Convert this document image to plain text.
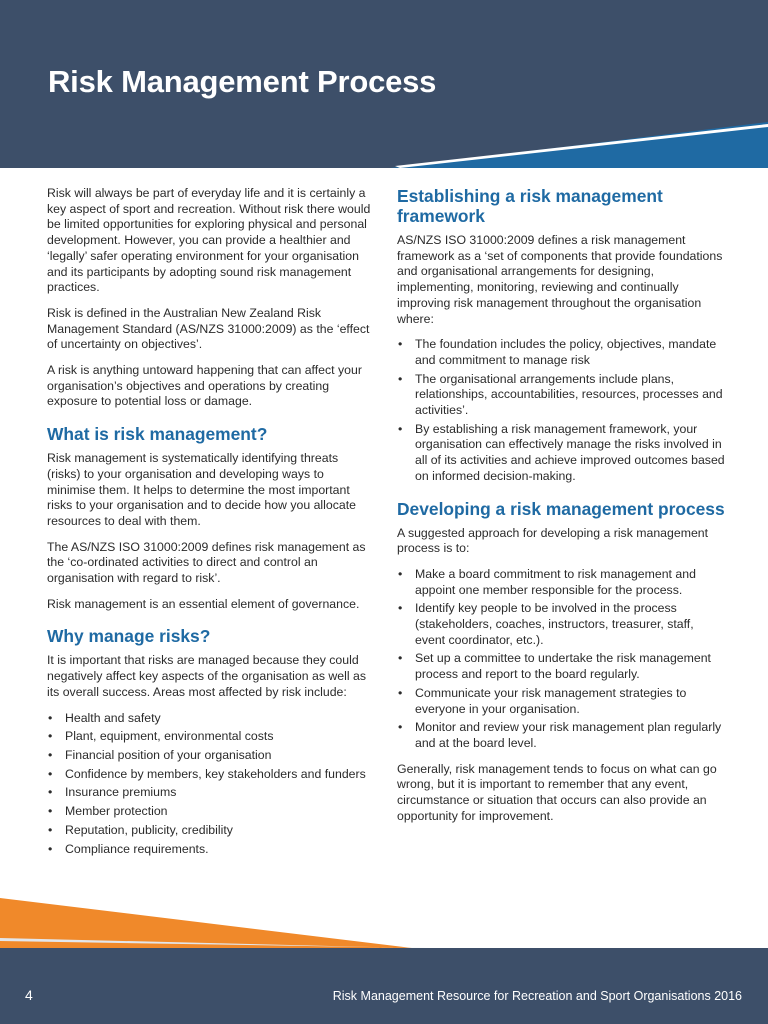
Risk Management Process

Risk will always be part of everyday life and it is certainly a key aspect of sport and recreation. Without risk there would be limited opportunities for exploring physical and personal development. However, you can provide a healthier and ‘legally’ safer operating environment for your organisation and its participants by adopting sound risk management practices.

Risk is defined in the Australian New Zealand Risk Management Standard (AS/NZS 31000:2009) as the ‘effect of uncertainty on objectives’.

A risk is anything untoward happening that can affect your organisation’s objectives and operations by creating exposure to potential loss or damage.

What is risk management?

Risk management is systematically identifying threats (risks) to your organisation and developing ways to minimise them. It helps to determine the most important risks to your organisation and to decide how you allocate resources to deal with them.

The AS/NZS ISO 31000:2009 defines risk management as the ‘co-ordinated activities to direct and control an organisation with regard to risk’.

Risk management is an essential element of governance.

Why manage risks?

It is important that risks are managed because they could negatively affect key aspects of the organisation as well as its overall success. Areas most affected by risk include:

• Health and safety
• Plant, equipment, environmental costs
• Financial position of your organisation
• Confidence by members, key stakeholders and funders
• Insurance premiums
• Member protection
• Reputation, publicity, credibility
• Compliance requirements.
Establishing a risk management framework

AS/NZS ISO 31000:2009 defines a risk management framework as a ‘set of components that provide foundations and organisational arrangements for designing, implementing, monitoring, reviewing and continually improving risk management throughout the organisation where:

• The foundation includes the policy, objectives, mandate and commitment to manage risk
• The organisational arrangements include plans, relationships, accountabilities, resources, processes and activities’.
• By establishing a risk management framework, your organisation can effectively manage the risks involved in all of its activities and achieve improved outcomes based on informed decision-making.
Developing a risk management process

A suggested approach for developing a risk management process is to:

• Make a board commitment to risk management and appoint one member responsible for the process.
• Identify key people to be involved in the process (stakeholders, coaches, instructors, treasurer, staff, event coordinator, etc.).
• Set up a committee to undertake the risk management process and report to the board regularly.
• Communicate your risk management strategies to everyone in your organisation.
• Monitor and review your risk management plan regularly and at the board level.

Generally, risk management tends to focus on what can go wrong, but it is important to remember that any event, circumstance or situation that occurs can also provide an opportunity for improvement.

4	Risk Management Resource for Recreation and Sport Organisations 2016
